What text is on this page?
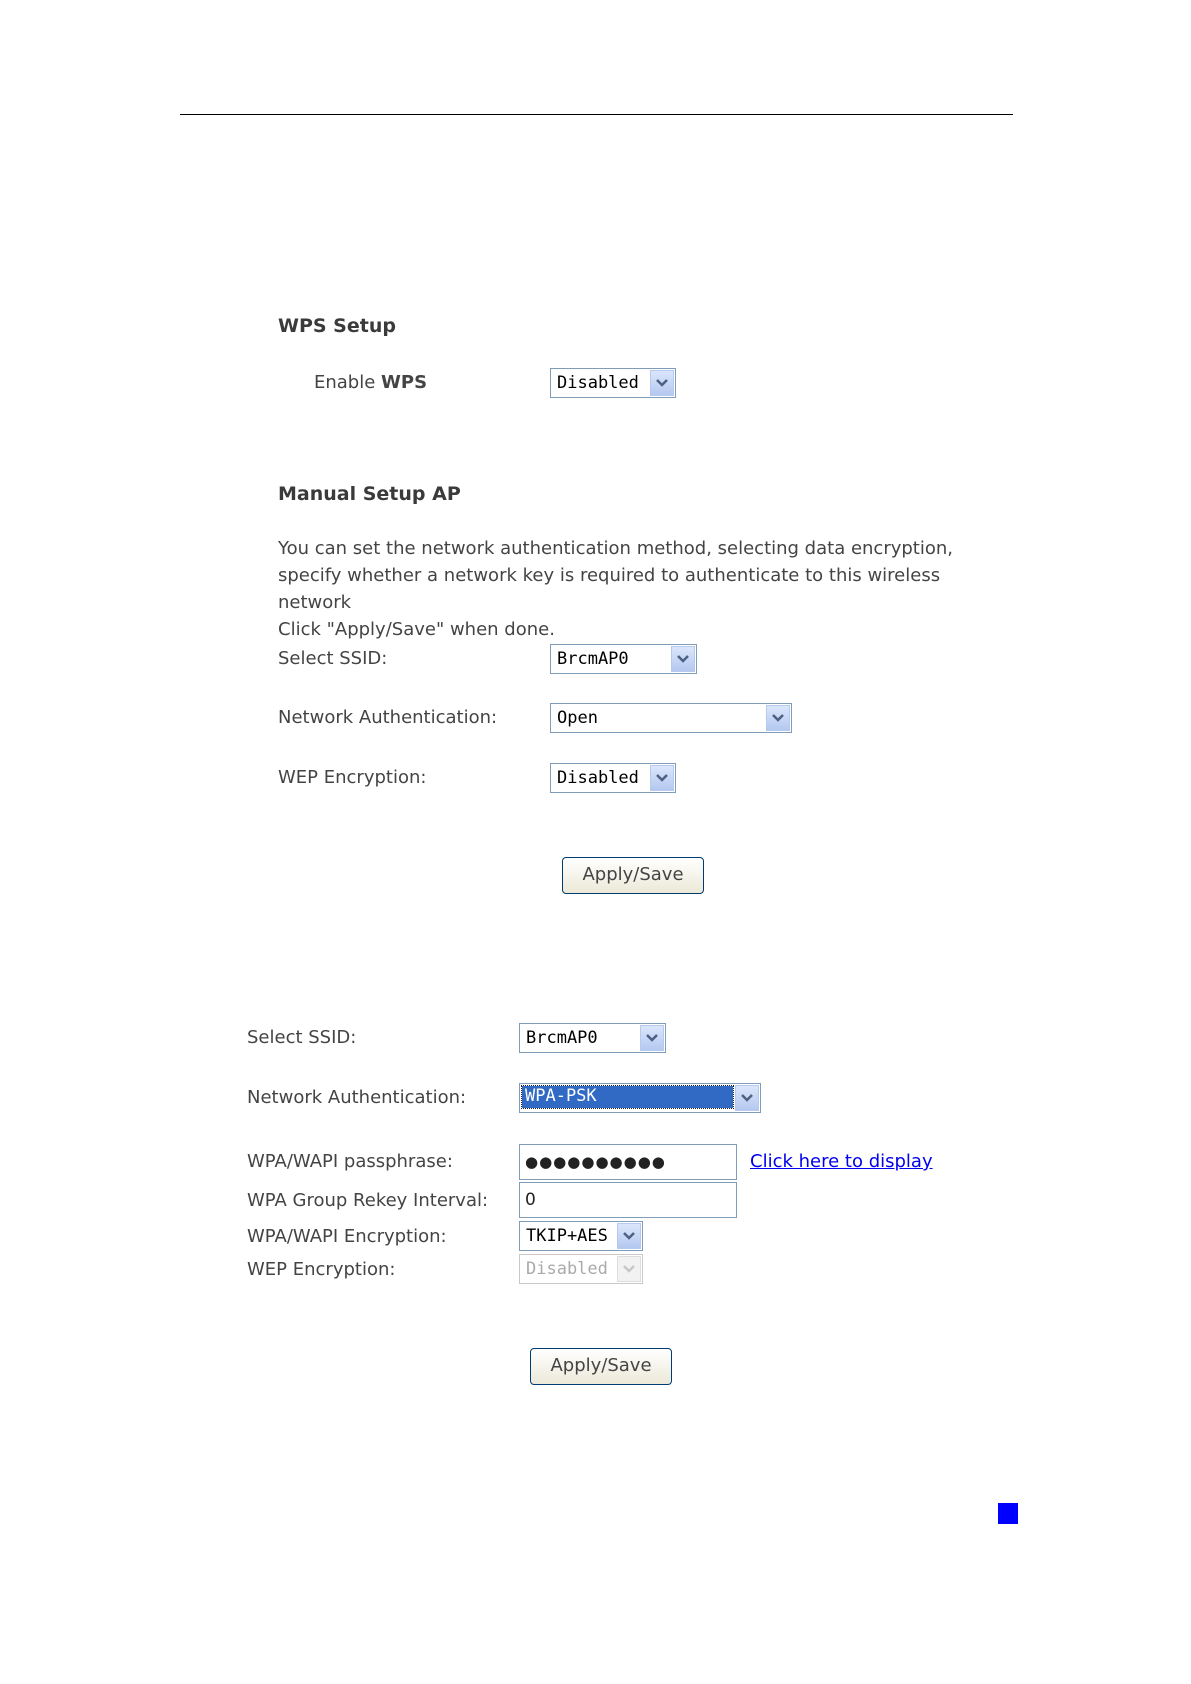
WPS Setup
Enable WPS	Disabled
Manual Setup AP
You can set the network authentication method, selecting data encryption,
specify whether a network key is required to authenticate to this wireless network
Click "Apply/Save" when done.
Select SSID:	BrcmAP0
Network Authentication:	Open
WEP Encryption:	Disabled
Apply/Save
Select SSID:	BrcmAP0
Network Authentication:	WPA-PSK
WPA/WAPI passphrase:	●●●●●●●●●●	Click here to display
WPA Group Rekey Interval: 0
WPA/WAPI Encryption:	TKIP+AES
WEP Encryption:	Disabled
Apply/Save
